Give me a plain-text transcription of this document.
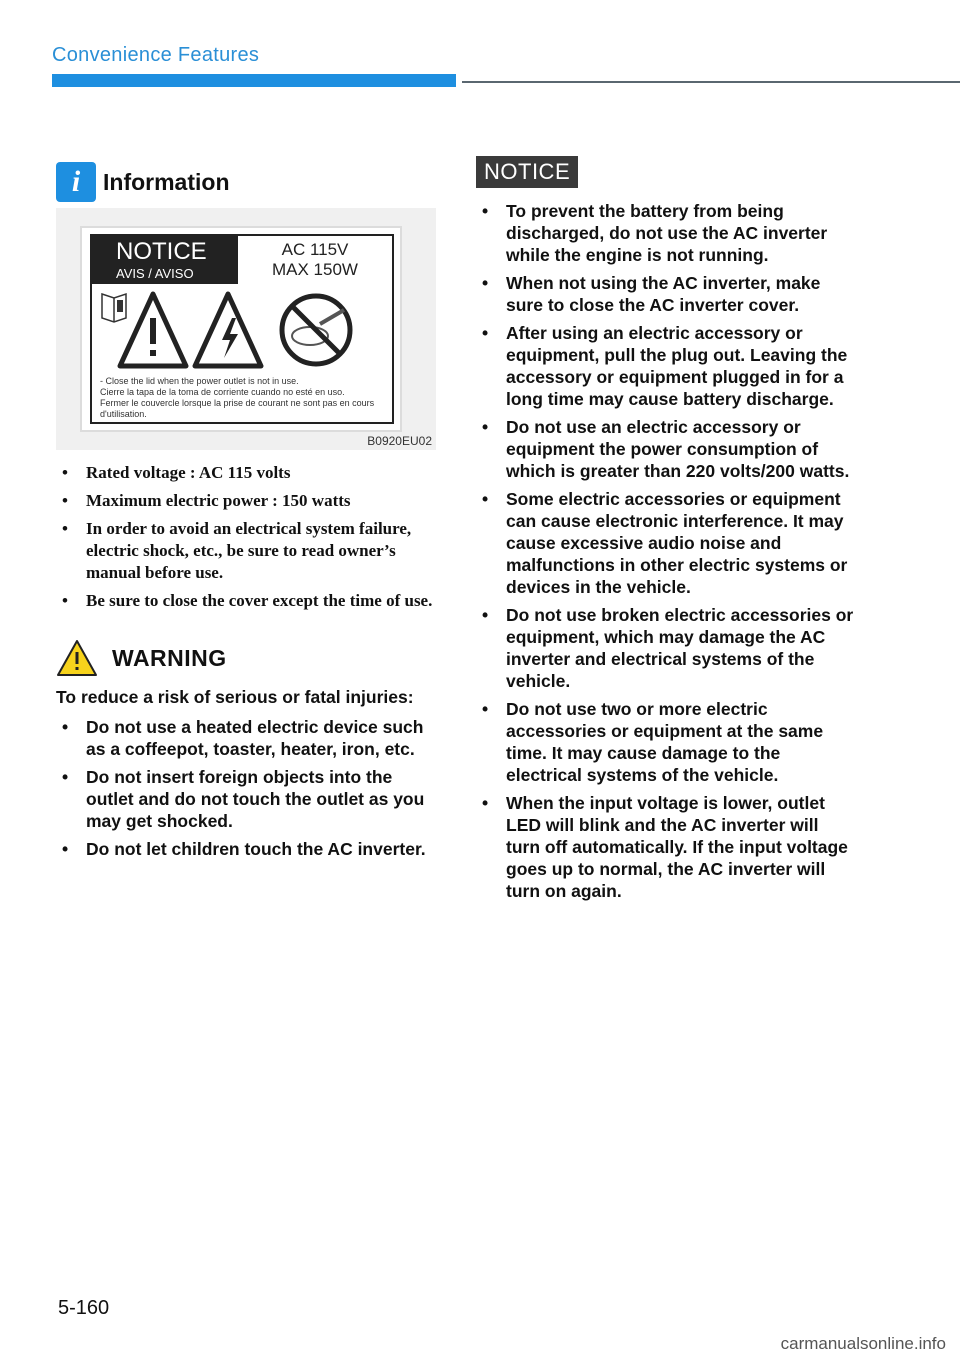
Convenience Features
i Information
NOTICE
AVIS / AVISO
AC 115V
MAX 150W
- Close the lid when the power outlet is not in use.
Cierre la tapa de la toma de corriente cuando no esté en uso.
Fermer le couvercle lorsque la prise de courant ne sont pas en cours d'utilisation.
B0920EU02
• Rated voltage : AC 115 volts
• Maximum electric power : 150 watts
• In order to avoid an electrical system failure, electric shock, etc., be sure to read owner’s manual before use.
• Be sure to close the cover except the time of use.
WARNING
To reduce a risk of serious or fatal injuries:
• Do not use a heated electric device such as a coffeepot, toaster, heater, iron, etc.
• Do not insert foreign objects into the outlet and do not touch the outlet as you may get shocked.
• Do not let children touch the AC inverter.
NOTICE
• To prevent the battery from being discharged, do not use the AC inverter while the engine is not running.
• When not using the AC inverter, make sure to close the AC inverter cover.
• After using an electric accessory or equipment, pull the plug out. Leaving the accessory or equipment plugged in for a long time may cause battery discharge.
• Do not use an electric accessory or equipment the power consumption of which is greater than 220 volts/200 watts.
• Some electric accessories or equipment can cause electronic interference. It may cause excessive audio noise and malfunctions in other electric systems or devices in the vehicle.
• Do not use broken electric accessories or equipment, which may damage the AC inverter and electrical systems of the vehicle.
• Do not use two or more electric accessories or equipment at the same time. It may cause damage to the electrical systems of the vehicle.
• When the input voltage is lower, outlet LED will blink and the AC inverter will turn off automatically. If the input voltage goes up to normal, the AC inverter will turn on again.
5-160
carmanualsonline.info
